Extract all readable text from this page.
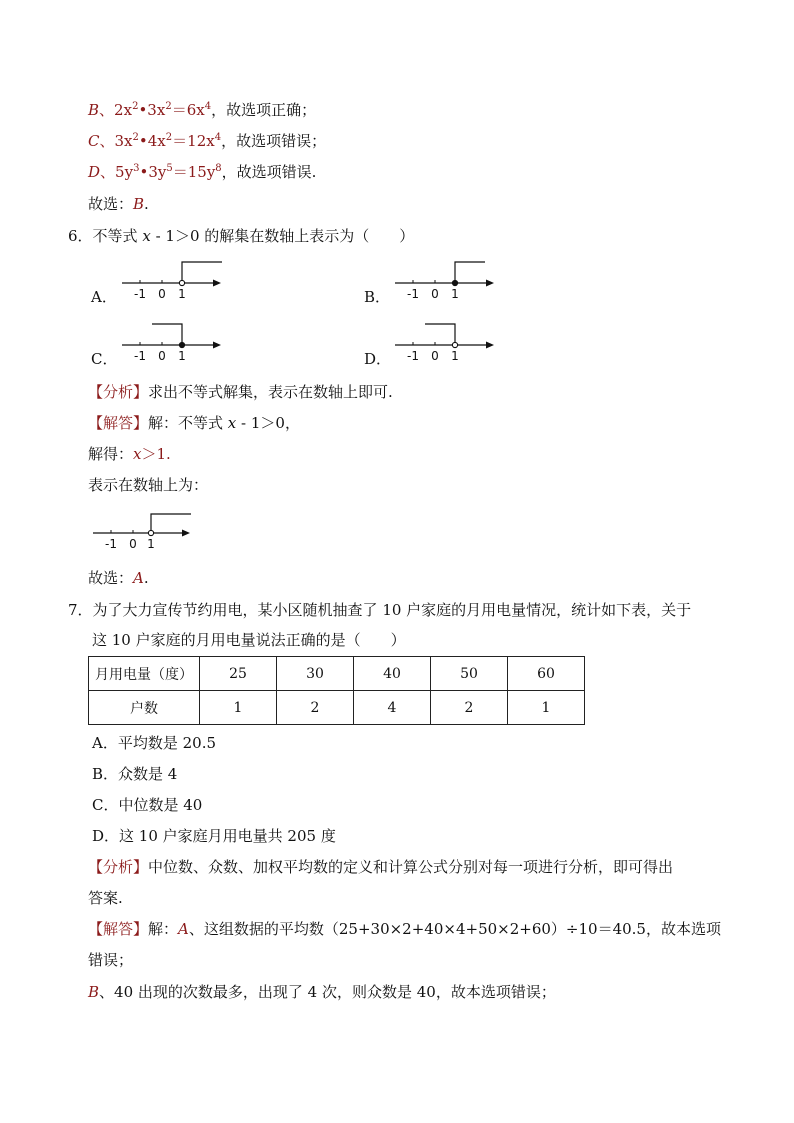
B、$2x^2•3x^2=6x^4$，故选项正确；
C、$3x^2•4x^2=12x^4$，故选项错误；
D、$5y^3•3y^5=15y^8$，故选项错误.
故选：B.
6．不等式 x - 1＞0 的解集在数轴上表示为（　　）
A． -1 0 1	B． -1 0 1
C． -1 0 1	D． -1 0 1
【分析】求出不等式解集，表示在数轴上即可.
【解答】解：不等式 x - 1＞0，
解得：x＞1.
表示在数轴上为：
-1 0 1
故选：A.
7．为了大力宣传节约用电，某小区随机抽查了 10 户家庭的月用电量情况，统计如下表，关于
这 10 户家庭的月用电量说法正确的是（　　）
月用电量（度）	25	30	40	50	60
户数	1	2	4	2	1
A．平均数是 20.5
B．众数是 4
C．中位数是 40
D．这 10 户家庭月用电量共 205 度
【分析】中位数、众数、加权平均数的定义和计算公式分别对每一项进行分析，即可得出
答案.
【解答】解：A、这组数据的平均数（25+30×2+40×4+50×2+60）÷10＝40.5，故本选项
错误；
B、40 出现的次数最多，出现了 4 次，则众数是 40，故本选项错误；
